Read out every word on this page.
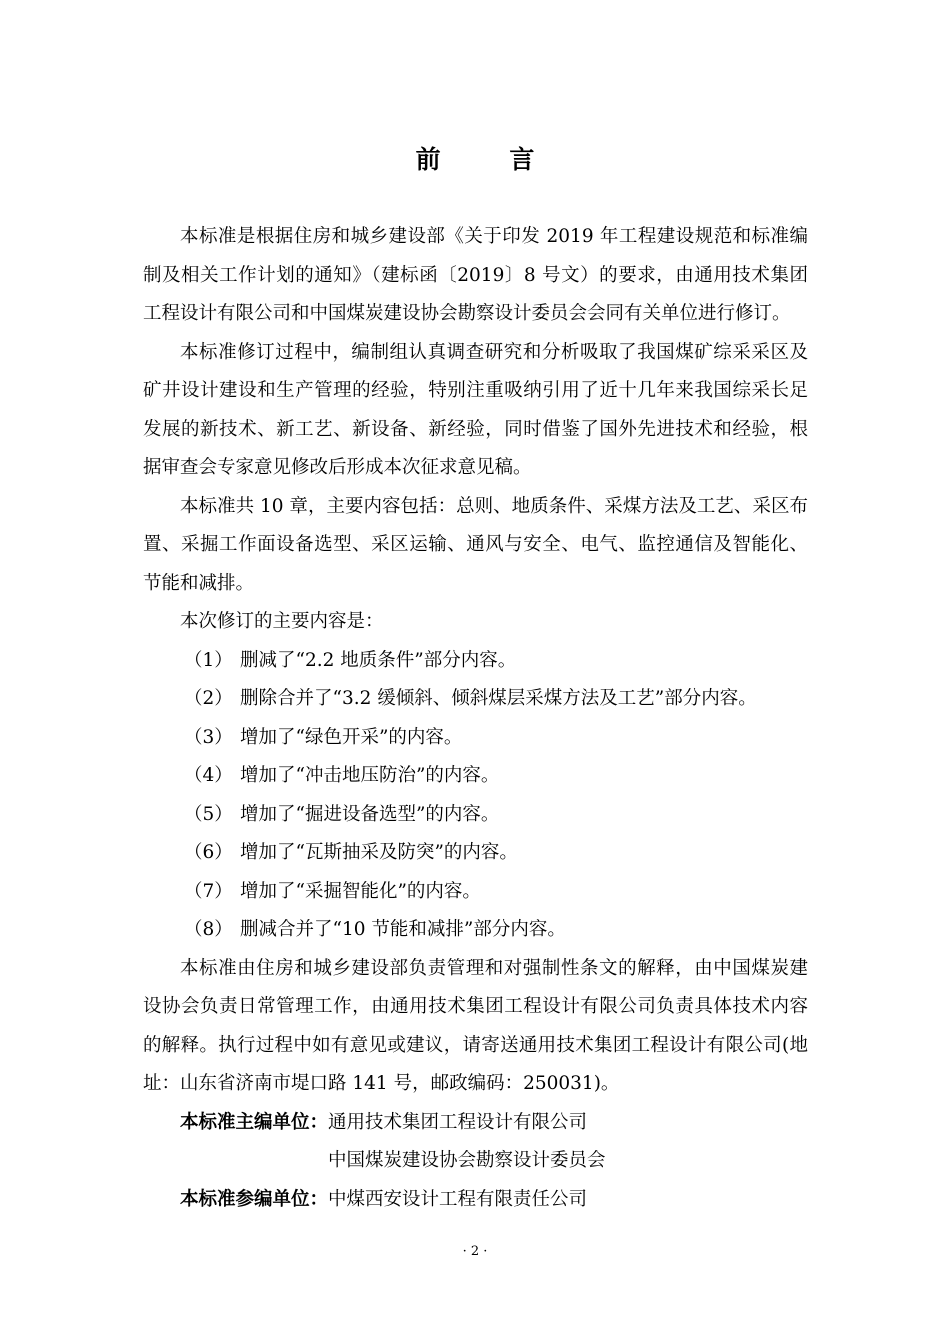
前 言

本标准是根据住房和城乡建设部《关于印发 2019 年工程建设规范和标准编制及相关工作计划的通知》（建标函〔2019〕8 号文）的要求，由通用技术集团工程设计有限公司和中国煤炭建设协会勘察设计委员会会同有关单位进行修订。

本标准修订过程中，编制组认真调查研究和分析吸取了我国煤矿综采采区及矿井设计建设和生产管理的经验，特别注重吸纳引用了近十几年来我国综采长足发展的新技术、新工艺、新设备、新经验，同时借鉴了国外先进技术和经验，根据审查会专家意见修改后形成本次征求意见稿。

本标准共 10 章，主要内容包括：总则、地质条件、采煤方法及工艺、采区布置、采掘工作面设备选型、采区运输、通风与安全、电气、监控通信及智能化、节能和减排。

本次修订的主要内容是：

（1） 删减了“2.2 地质条件”部分内容。

（2） 删除合并了“3.2 缓倾斜、倾斜煤层采煤方法及工艺”部分内容。

（3） 增加了“绿色开采”的内容。

（4） 增加了“冲击地压防治”的内容。

（5） 增加了“掘进设备选型”的内容。

（6） 增加了“瓦斯抽采及防突”的内容。

（7） 增加了“采掘智能化”的内容。

（8） 删减合并了“10 节能和减排”部分内容。

本标准由住房和城乡建设部负责管理和对强制性条文的解释，由中国煤炭建设协会负责日常管理工作，由通用技术集团工程设计有限公司负责具体技术内容的解释。执行过程中如有意见或建议，请寄送通用技术集团工程设计有限公司(地址：山东省济南市堤口路 141 号，邮政编码：250031)。

本标准主编单位：通用技术集团工程设计有限公司

中国煤炭建设协会勘察设计委员会

本标准参编单位：中煤西安设计工程有限责任公司

· 2 ·
